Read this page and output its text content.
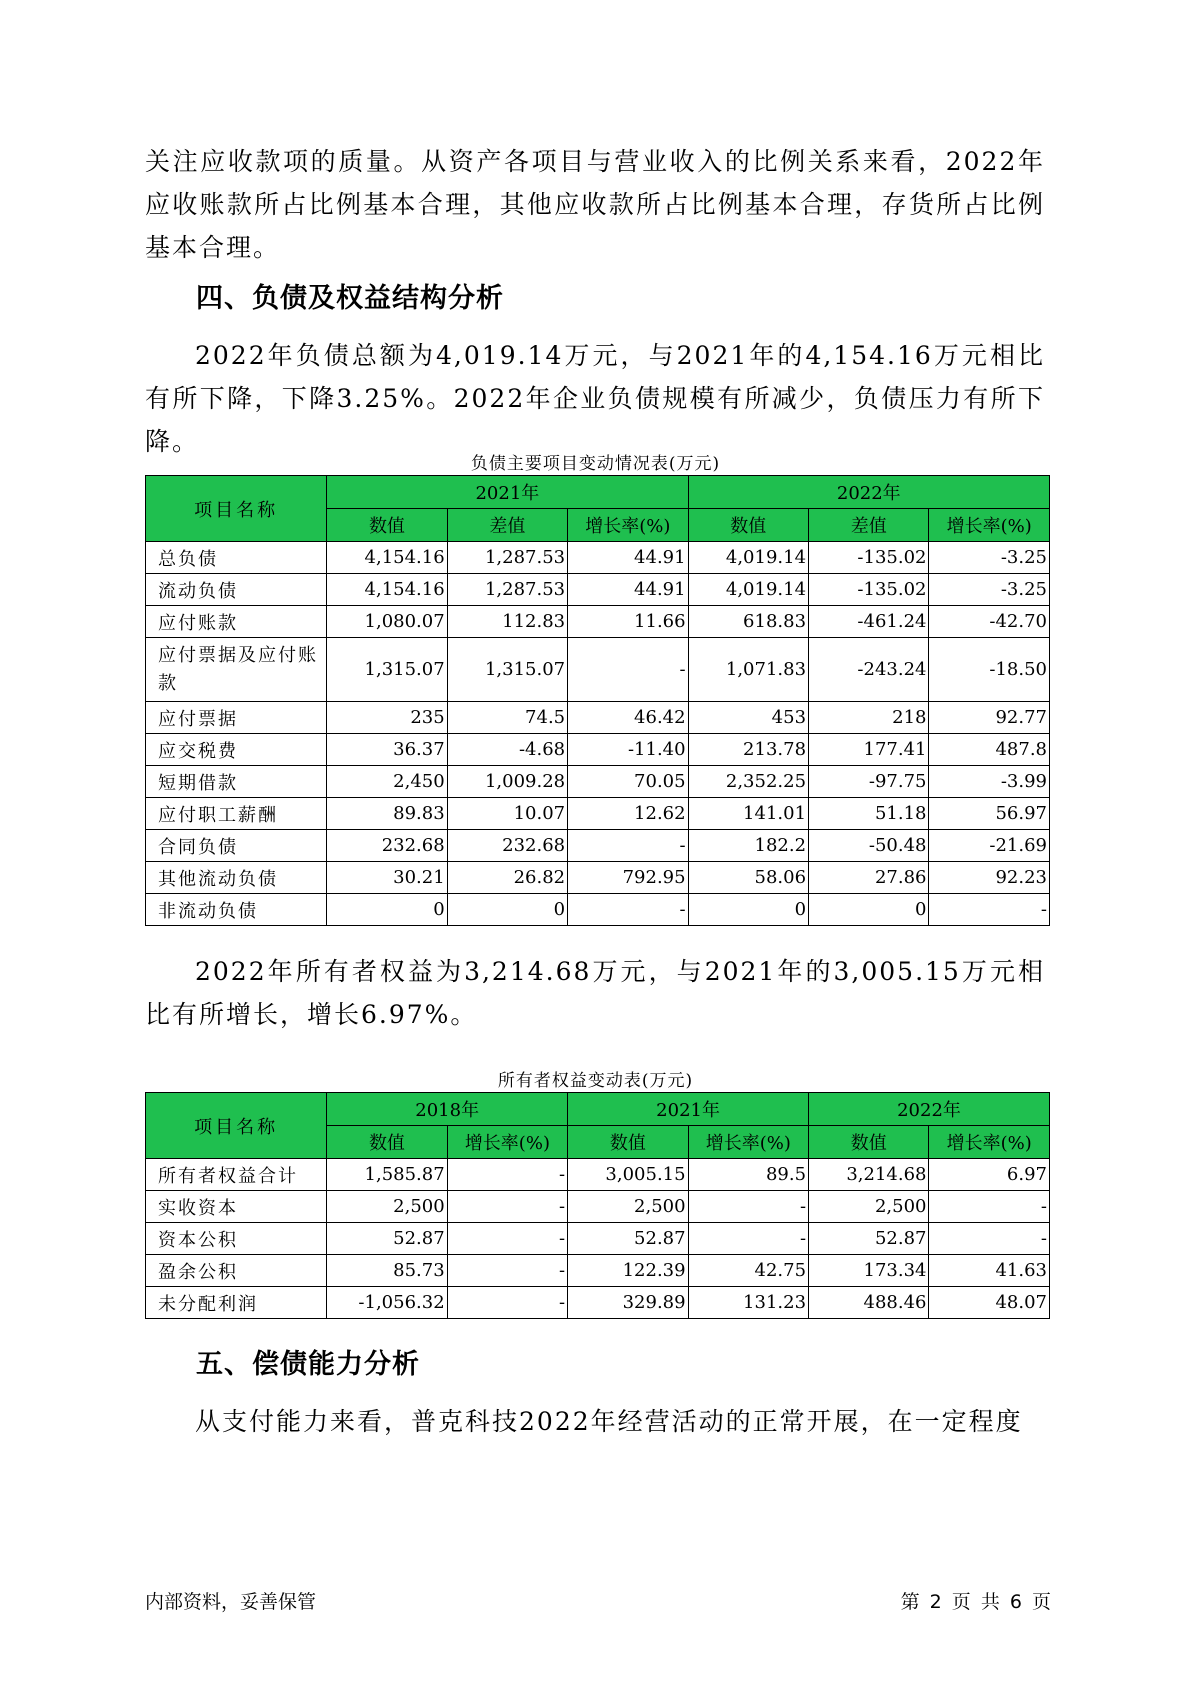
关注应收款项的质量。从资产各项目与营业收入的比例关系来看，2022年应收账款所占比例基本合理，其他应收款所占比例基本合理，存货所占比例基本合理。

四、负债及权益结构分析

2022年负债总额为4,019.14万元，与2021年的4,154.16万元相比有所下降，下降3.25%。2022年企业负债规模有所减少，负债压力有所下降。

负债主要项目变动情况表(万元)

项目名称	2021年			2022年		
	数值	差值	增长率(%)	数值	差值	增长率(%)
总负债	4,154.16	1,287.53	44.91	4,019.14	-135.02	-3.25
流动负债	4,154.16	1,287.53	44.91	4,019.14	-135.02	-3.25
应付账款	1,080.07	112.83	11.66	618.83	-461.24	-42.70
应付票据及应付账款	1,315.07	1,315.07	-	1,071.83	-243.24	-18.50
应付票据	235	74.5	46.42	453	218	92.77
应交税费	36.37	-4.68	-11.40	213.78	177.41	487.8
短期借款	2,450	1,009.28	70.05	2,352.25	-97.75	-3.99
应付职工薪酬	89.83	10.07	12.62	141.01	51.18	56.97
合同负债	232.68	232.68	-	182.2	-50.48	-21.69
其他流动负债	30.21	26.82	792.95	58.06	27.86	92.23
非流动负债	0	0	-	0	0	-

2022年所有者权益为3,214.68万元，与2021年的3,005.15万元相比有所增长，增长6.97%。

所有者权益变动表(万元)

项目名称	2018年		2021年		2022年	
	数值	增长率(%)	数值	增长率(%)	数值	增长率(%)
所有者权益合计	1,585.87	-	3,005.15	89.5	3,214.68	6.97
实收资本	2,500	-	2,500	-	2,500	-
资本公积	52.87	-	52.87	-	52.87	-
盈余公积	85.73	-	122.39	42.75	173.34	41.63
未分配利润	-1,056.32	-	329.89	131.23	488.46	48.07
五、偿债能力分析

从支付能力来看，普克科技2022年经营活动的正常开展，在一定程度

内部资料，妥善保管	第 2 页 共 6 页
